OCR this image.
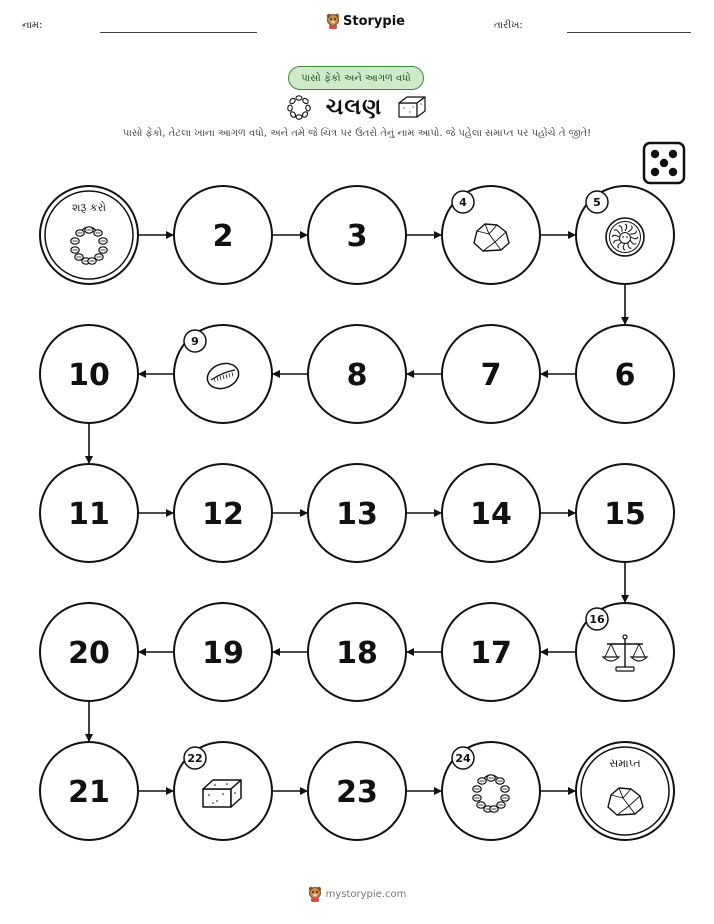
નામ:	Storypie	તારીખ:
પાસો ફેંકો અને આગળ વધો
ચલણ
પાસો ફેંકો, તેટલા ખાના આગળ વધો, અને તમે જે ચિત્ર પર ઉતરો તેનું નામ આપો. જે પહેલા સમાપ્ત પર પહોંચે તે જીતે!
શરૂ કરો
2	3
4	5
6
7
8
9
10
11	12	13	14	15
16
17
18
19
20
21
22
23
24	સમાપ્ત
mystorypie.com
